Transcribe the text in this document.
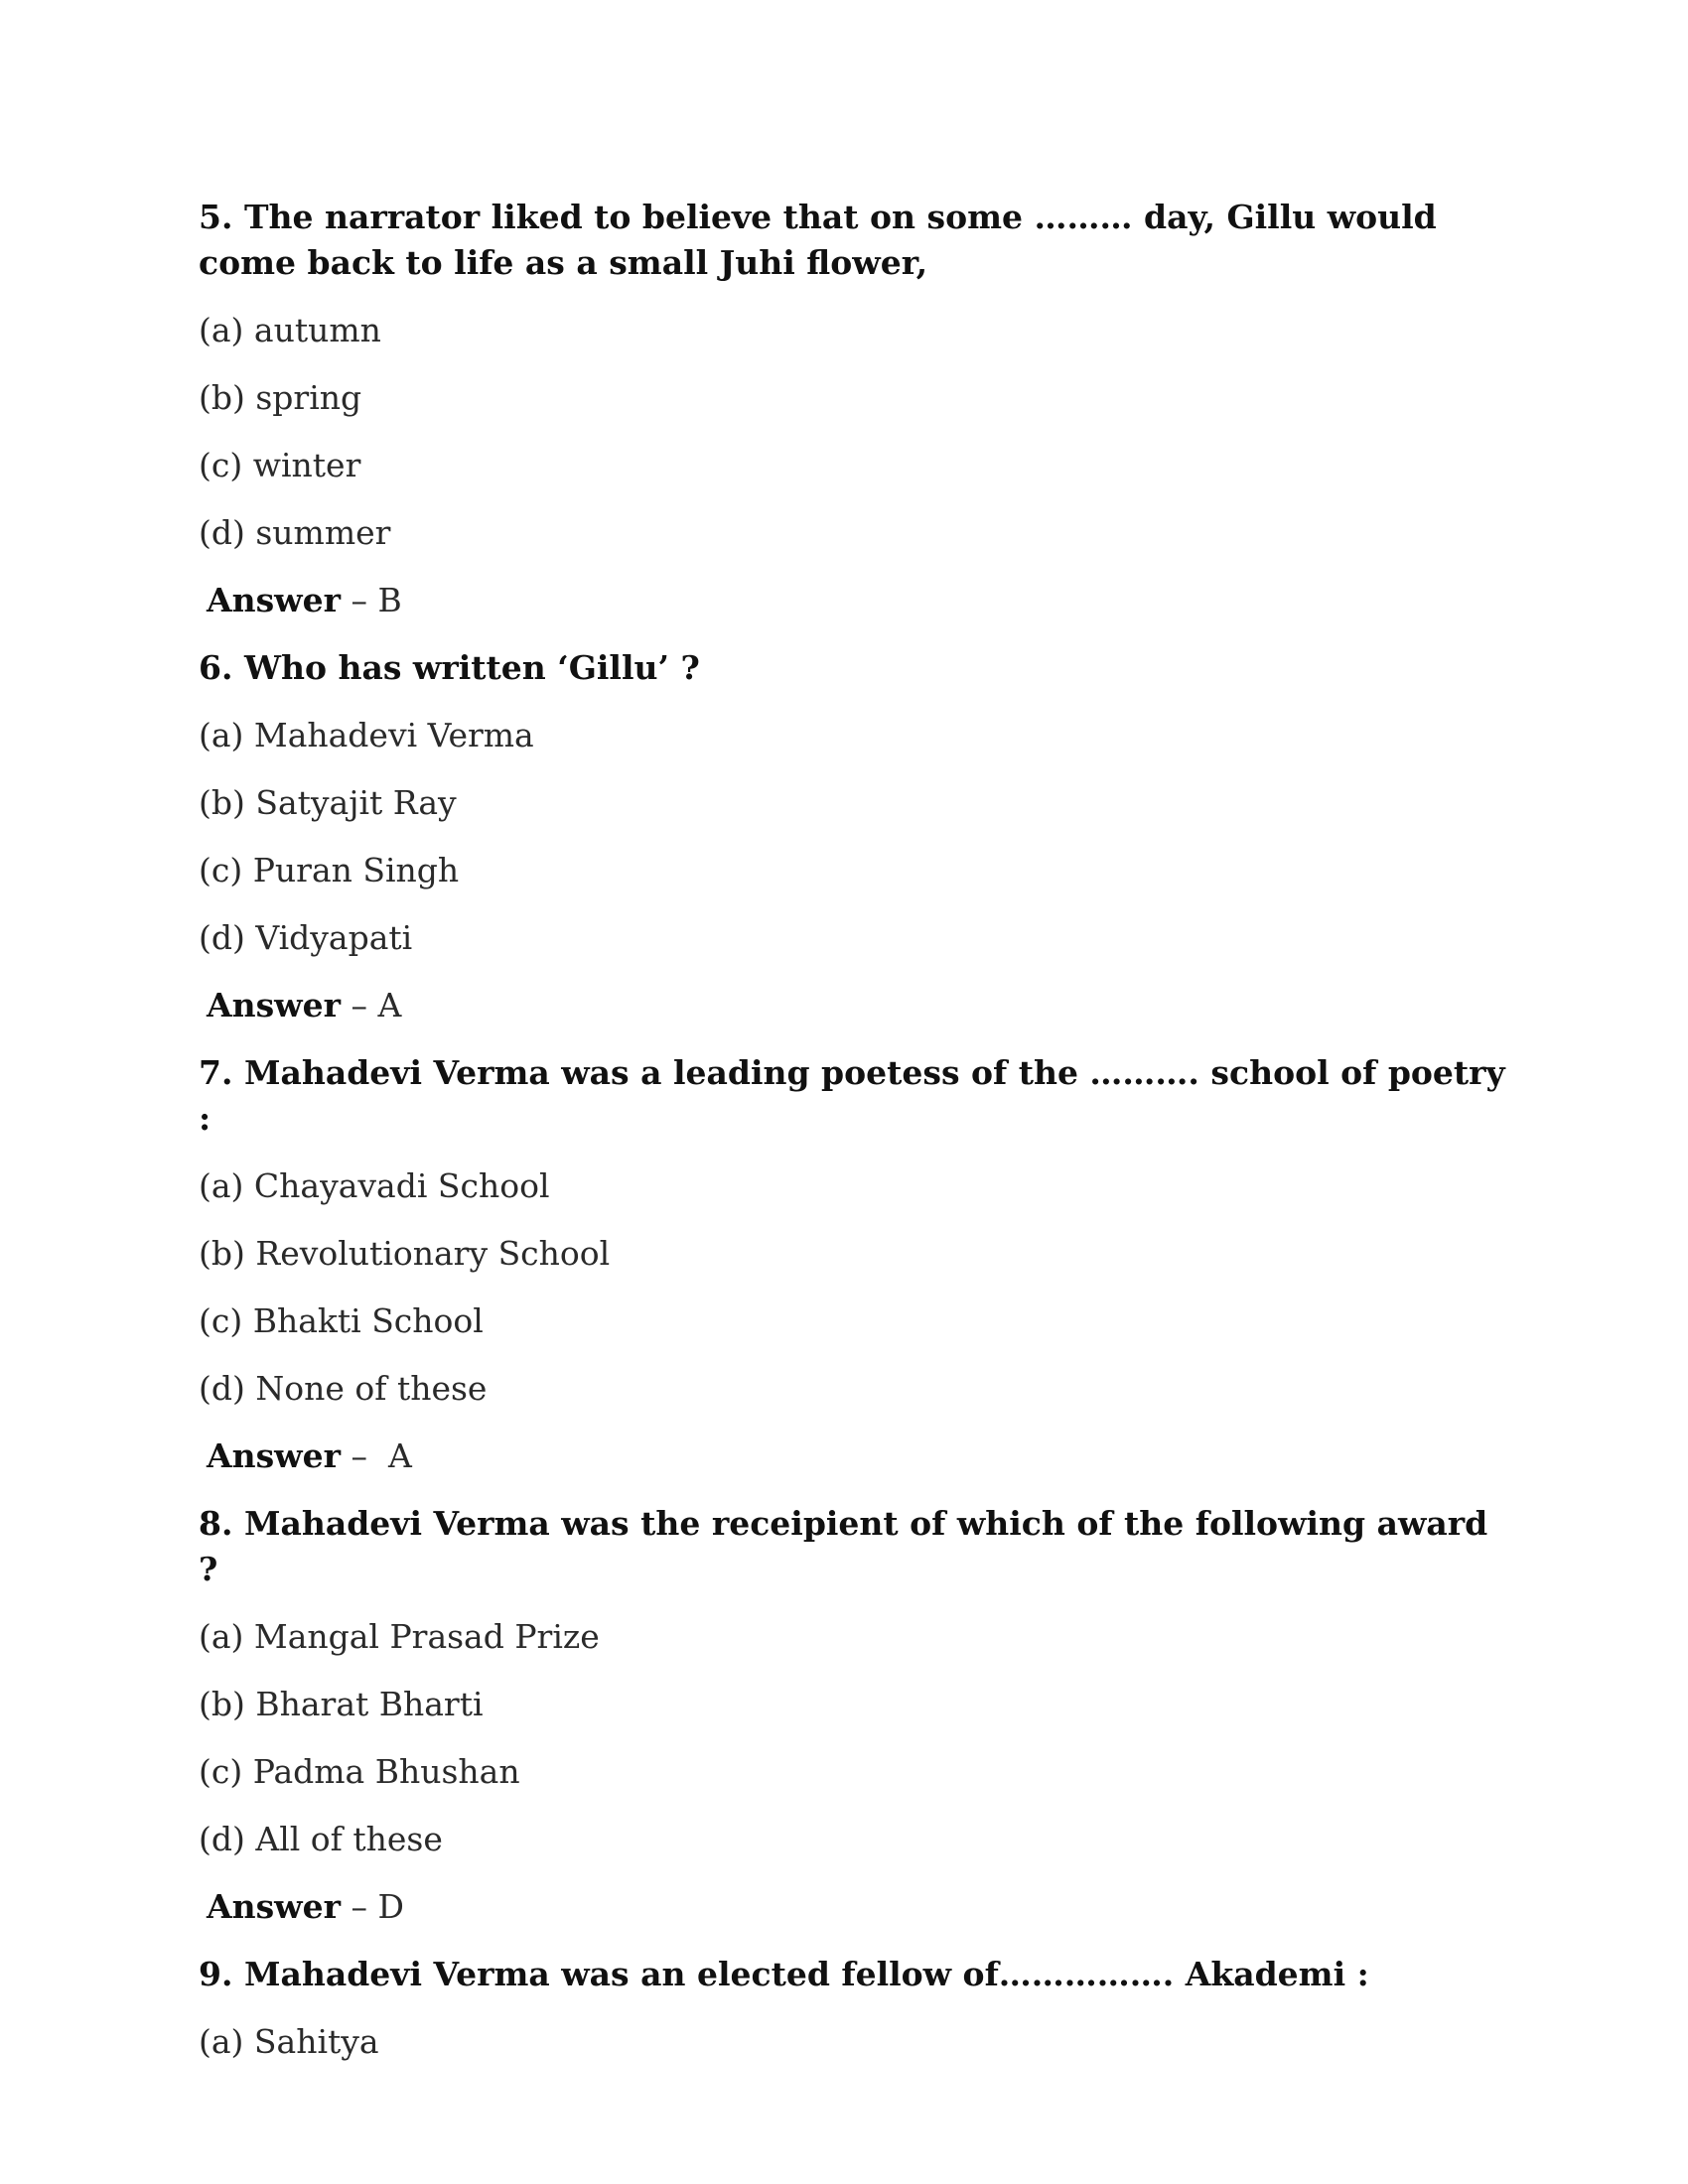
5. The narrator liked to believe that on some ……… day, Gillu would come back to life as a small Juhi flower,
(a) autumn
(b) spring
(c) winter
(d) summer
Answer – B
6. Who has written ‘Gillu’ ?
(a) Mahadevi Verma
(b) Satyajit Ray
(c) Puran Singh
(d) Vidyapati
Answer – A
7. Mahadevi Verma was a leading poetess of the ………. school of poetry :
(a) Chayavadi School
(b) Revolutionary School
(c) Bhakti School
(d) None of these
Answer –  A
8. Mahadevi Verma was the receipient of which of the following award ?
(a) Mangal Prasad Prize
(b) Bharat Bharti
(c) Padma Bhushan
(d) All of these
Answer – D
9. Mahadevi Verma was an elected fellow of……………. Akademi :
(a) Sahitya
